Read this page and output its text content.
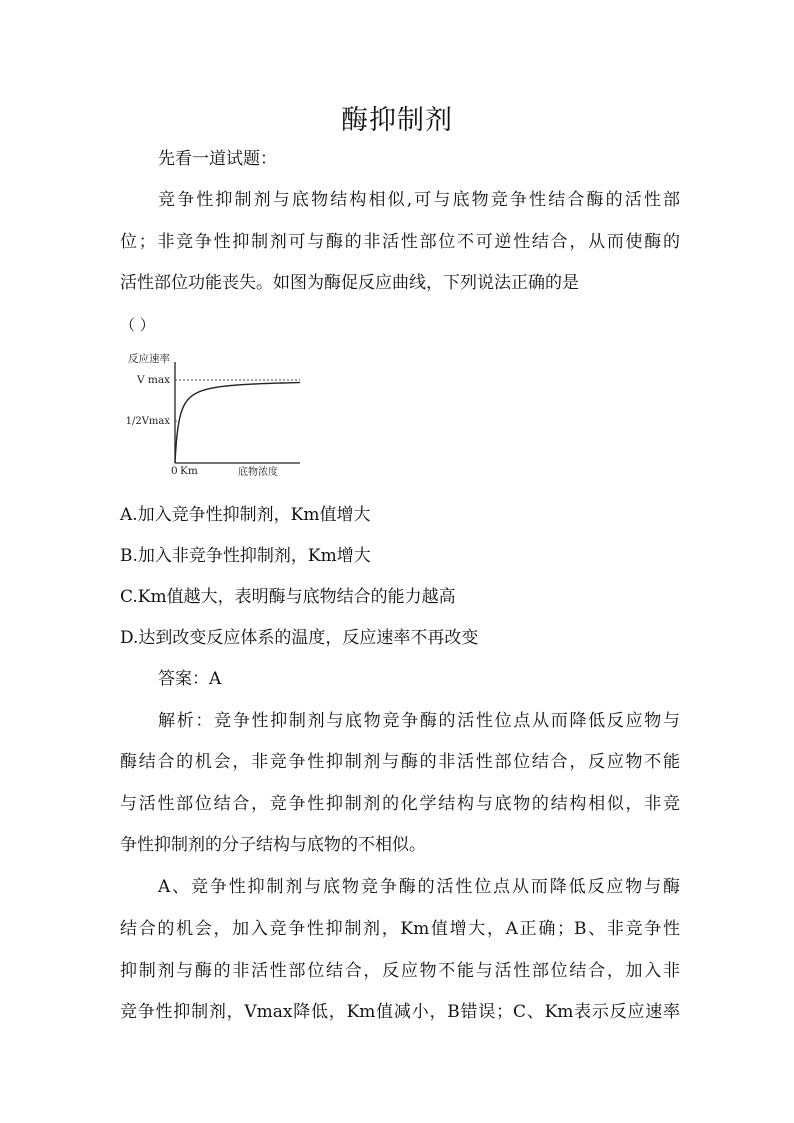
酶抑制剂
先看一道试题：
竞争性抑制剂与底物结构相似,可与底物竞争性结合酶的活性部
位；非竞争性抑制剂可与酶的非活性部位不可逆性结合，从而使酶的
活性部位功能丧失。如图为酶促反应曲线，下列说法正确的是
（ ）
反应速率
V max
1/2Vmax
0 Km	底物浓度
A.加入竞争性抑制剂，Km值增大
B.加入非竞争性抑制剂，Km增大
C.Km值越大，表明酶与底物结合的能力越高
D.达到改变反应体系的温度，反应速率不再改变
答案：A
解析：竞争性抑制剂与底物竞争酶的活性位点从而降低反应物与
酶结合的机会，非竞争性抑制剂与酶的非活性部位结合，反应物不能
与活性部位结合，竞争性抑制剂的化学结构与底物的结构相似，非竞
争性抑制剂的分子结构与底物的不相似。
A、竞争性抑制剂与底物竞争酶的活性位点从而降低反应物与酶
结合的机会，加入竞争性抑制剂，Km值增大，A正确；B、非竞争性
抑制剂与酶的非活性部位结合，反应物不能与活性部位结合，加入非
竞争性抑制剂，Vmax降低，Km值减小，B错误；C、Km表示反应速率
